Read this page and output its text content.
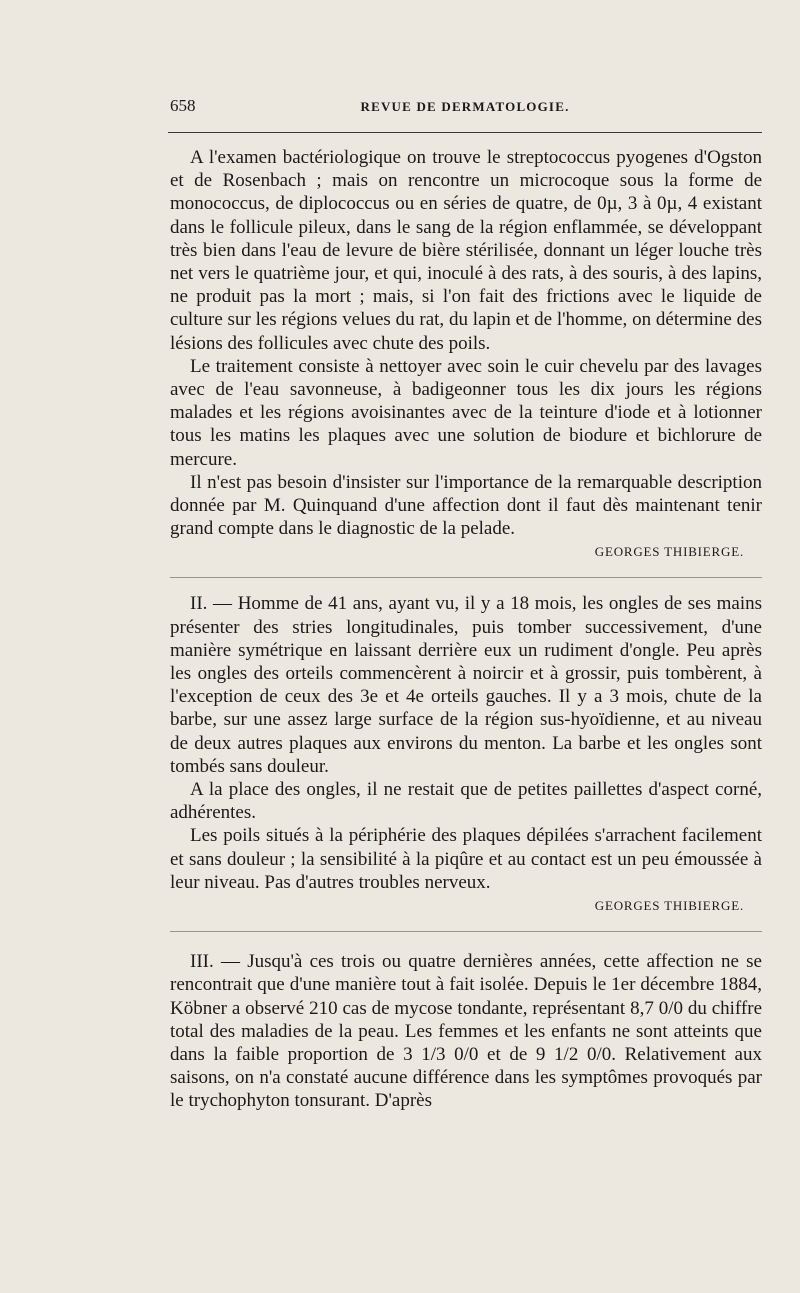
658	REVUE DE DERMATOLOGIE.

A l'examen bactériologique on trouve le streptococcus pyogenes d'Ogston et de Rosenbach ; mais on rencontre un microcoque sous la forme de monococcus, de diplococcus ou en séries de quatre, de 0µ, 3 à 0µ, 4 existant dans le follicule pileux, dans le sang de la région enflammée, se développant très bien dans l'eau de levure de bière stérilisée, donnant un léger louche très net vers le quatrième jour, et qui, inoculé à des rats, à des souris, à des lapins, ne produit pas la mort ; mais, si l'on fait des frictions avec le liquide de culture sur les régions velues du rat, du lapin et de l'homme, on détermine des lésions des follicules avec chute des poils.

Le traitement consiste à nettoyer avec soin le cuir chevelu par des lavages avec de l'eau savonneuse, à badigeonner tous les dix jours les régions malades et les régions avoisinantes avec de la teinture d'iode et à lotionner tous les matins les plaques avec une solution de biodure et bichlorure de mercure.

Il n'est pas besoin d'insister sur l'importance de la remarquable description donnée par M. Quinquand d'une affection dont il faut dès maintenant tenir grand compte dans le diagnostic de la pelade.

GEORGES THIBIERGE.

II. — Homme de 41 ans, ayant vu, il y a 18 mois, les ongles de ses mains présenter des stries longitudinales, puis tomber successivement, d'une manière symétrique en laissant derrière eux un rudiment d'ongle. Peu après les ongles des orteils commencèrent à noircir et à grossir, puis tombèrent, à l'exception de ceux des 3e et 4e orteils gauches. Il y a 3 mois, chute de la barbe, sur une assez large surface de la région sus-hyoïdienne, et au niveau de deux autres plaques aux environs du menton. La barbe et les ongles sont tombés sans douleur.

A la place des ongles, il ne restait que de petites paillettes d'aspect corné, adhérentes.

Les poils situés à la périphérie des plaques dépilées s'arrachent facilement et sans douleur ; la sensibilité à la piqûre et au contact est un peu émoussée à leur niveau. Pas d'autres troubles nerveux.

GEORGES THIBIERGE.

III. — Jusqu'à ces trois ou quatre dernières années, cette affection ne se rencontrait que d'une manière tout à fait isolée. Depuis le 1er décembre 1884, Köbner a observé 210 cas de mycose tondante, représentant 8,7 0/0 du chiffre total des maladies de la peau. Les femmes et les enfants ne sont atteints que dans la faible proportion de 3 1/3 0/0 et de 9 1/2 0/0. Relativement aux saisons, on n'a constaté aucune différence dans les symptômes provoqués par le trychophyton tonsurant. D'après
